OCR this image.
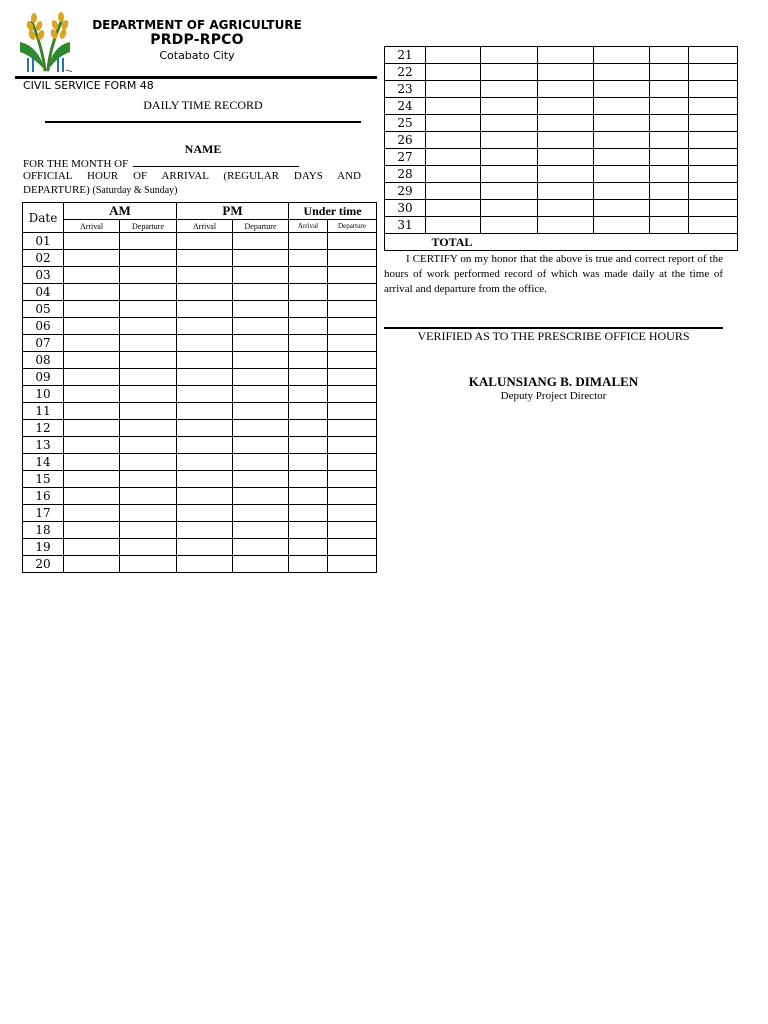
DEPARTMENT OF AGRICULTURE
PRDP-RPCO
Cotabato City
CIVIL SERVICE FORM 48
DAILY TIME RECORD
NAME
FOR THE MONTH OF
OFFICIAL HOUR OF ARRIVAL (REGULAR DAYS AND
DEPARTURE) (Saturday & Sunday)
Date	AM		PM		Under time	
	Arrival	Departure	Arrival	Departure	Arrival	Departure
01						
02						
03						
04						
05						
06						
07						
08						
09						
10						
11						
12						
13						
14						
15						
16						
17						
18						
19						
20						
21						
22						
23						
24						
25						
26						
27						
28						
29						
30						
31						
	TOTAL					
I CERTIFY on my honor that the above is true and correct report of the hours of work performed record of which was made daily at the time of arrival and departure from the office.
VERIFIED AS TO THE PRESCRIBE OFFICE HOURS
KALUNSIANG B. DIMALEN
Deputy Project Director
